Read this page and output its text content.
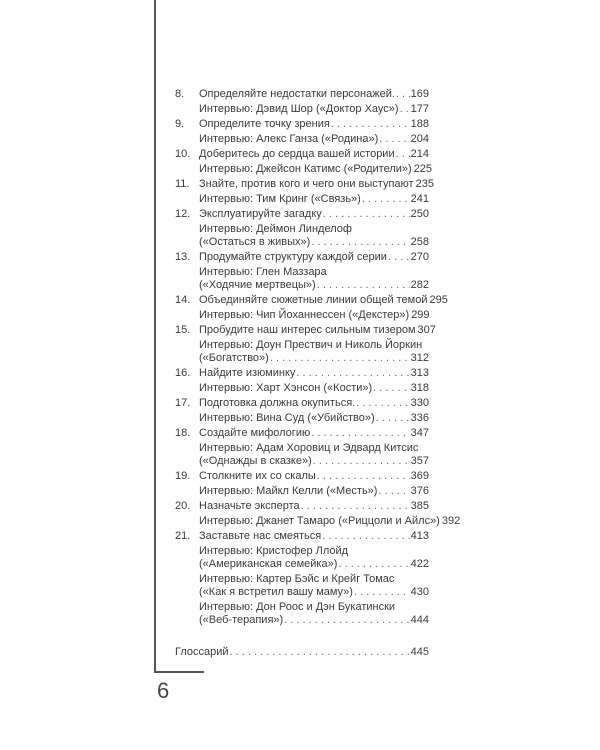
6
8.	Определяйте недостатки персонажей. . . . 169
Интервью: Дэвид Шор («Доктор Хаус») . . . 177
9.	Определите точку зрения . . .	188
Интервью: Алекс Ганза («Родина») . . .	204
10. Доберитесь до сердца вашей истории . . . 214
Интервью: Джейсон Катимс («Родители») 225
11. Знайте, против кого и чего они выступают 235
Интервью: Тим Кринг («Связь») . . .	241
12. Эксплуатируйте загадку . . .	250
Интервью: Деймон Линделоф
(«Остаться в живых») . . .	258
13. Продумайте структуру каждой серии . . . 270
Интервью: Глен Маззара
(«Ходячие мертвецы») . . .	282
14. Объединяйте сюжетные линии общей темой 295
Интервью: Чип Йоханнессен («Декстер») 299
15. Пробудите наш интерес сильным тизером 307
Интервью: Доун Прествич и Николь Йоркин
(«Богатство») . . .	312
16. Найдите изюминку . . .	313
Интервью: Харт Хэнсон («Кости») . . .	318
17. Подготовка должна окупиться. . . .	330
Интервью: Вина Суд («Убийство») . . .	336
18. Создайте мифологию . . .	347
Интервью: Адам Хоровиц и Эдвард Китсис
(«Однажды в сказке») . . .	357
19. Столкните их со скалы . . .	369
Интервью: Майкл Келли («Месть») . . .	376
20. Назначьте эксперта . . .	385
Интервью: Джанет Тамаро («Риццоли и Айлс») 392
21. Заставьте нас смеяться . . .	413
Интервью: Кристофер Ллойд
(«Американская семейка») . . .	422
Интервью: Картер Бэйс и Крейг Томас
(«Как я встретил вашу маму») . . .	430
Интервью: Дон Роос и Дэн Букатински
(«Веб-терапия») . . .	444
Глоссарий . . .	445
